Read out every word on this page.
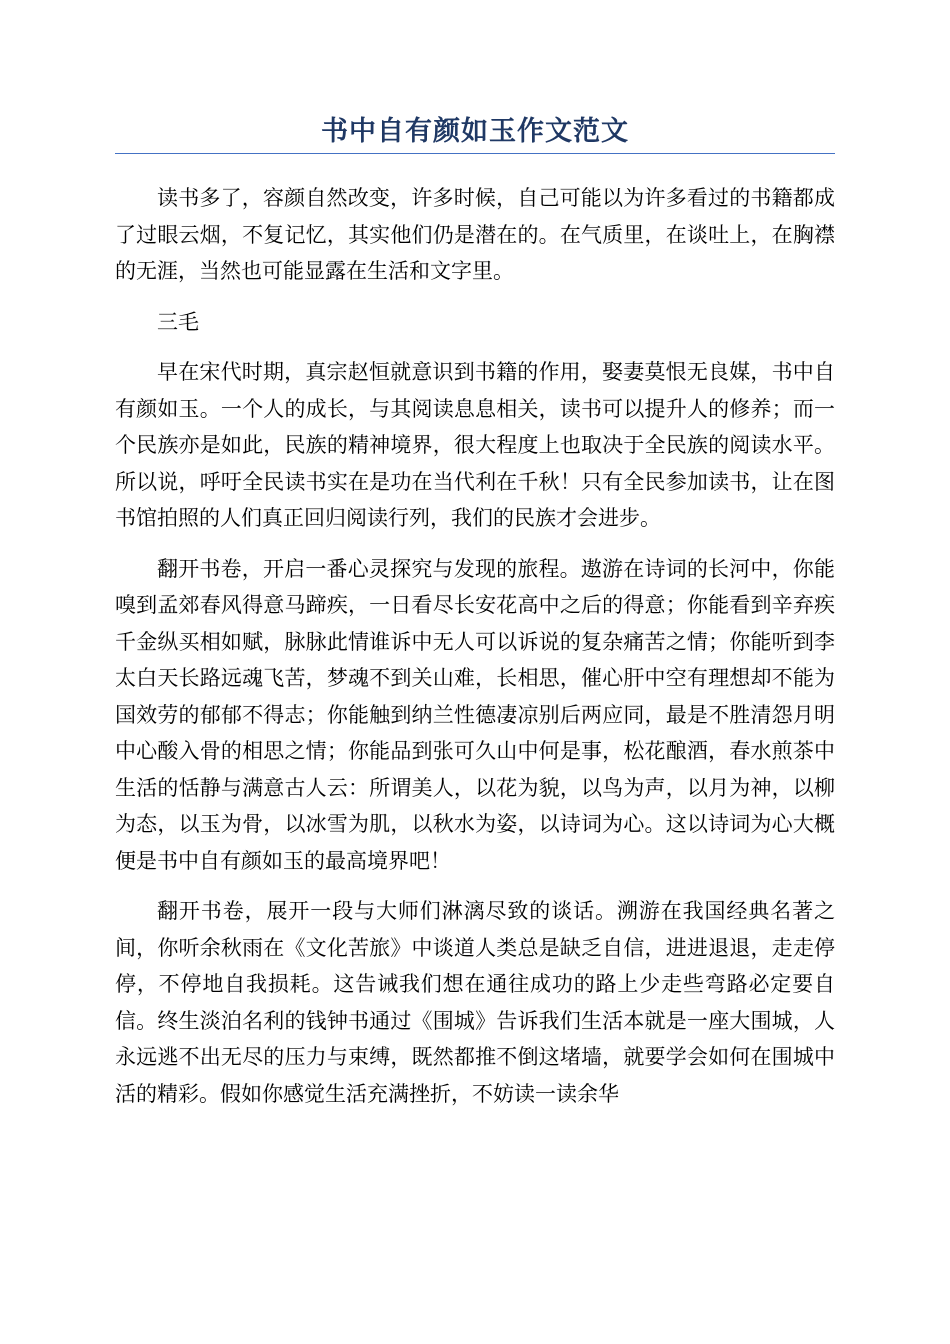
书中自有颜如玉作文范文

读书多了，容颜自然改变，许多时候，自己可能以为许多看过的书籍都成了过眼云烟，不复记忆，其实他们仍是潜在的。在气质里，在谈吐上，在胸襟的无涯，当然也可能显露在生活和文字里。

三毛

早在宋代时期，真宗赵恒就意识到书籍的作用，娶妻莫恨无良媒，书中自有颜如玉。一个人的成长，与其阅读息息相关，读书可以提升人的修养；而一个民族亦是如此，民族的精神境界，很大程度上也取决于全民族的阅读水平。所以说，呼吁全民读书实在是功在当代利在千秋！只有全民参加读书，让在图书馆拍照的人们真正回归阅读行列，我们的民族才会进步。

翻开书卷，开启一番心灵探究与发现的旅程。遨游在诗词的长河中，你能嗅到孟郊春风得意马蹄疾，一日看尽长安花高中之后的得意；你能看到辛弃疾千金纵买相如赋，脉脉此情谁诉中无人可以诉说的复杂痛苦之情；你能听到李太白天长路远魂飞苦，梦魂不到关山难，长相思，催心肝中空有理想却不能为国效劳的郁郁不得志；你能触到纳兰性德凄凉别后两应同，最是不胜清怨月明中心酸入骨的相思之情；你能品到张可久山中何是事，松花酿酒，春水煎茶中生活的恬静与满意古人云：所谓美人，以花为貌，以鸟为声，以月为神，以柳为态，以玉为骨，以冰雪为肌，以秋水为姿，以诗词为心。这以诗词为心大概便是书中自有颜如玉的最高境界吧！

翻开书卷，展开一段与大师们淋漓尽致的谈话。溯游在我国经典名著之间，你听余秋雨在《文化苦旅》中谈道人类总是缺乏自信，进进退退，走走停停，不停地自我损耗。这告诫我们想在通往成功的路上少走些弯路必定要自信。终生淡泊名利的钱钟书通过《围城》告诉我们生活本就是一座大围城，人永远逃不出无尽的压力与束缚，既然都推不倒这堵墙，就要学会如何在围城中活的精彩。假如你感觉生活充满挫折，不妨读一读余华
